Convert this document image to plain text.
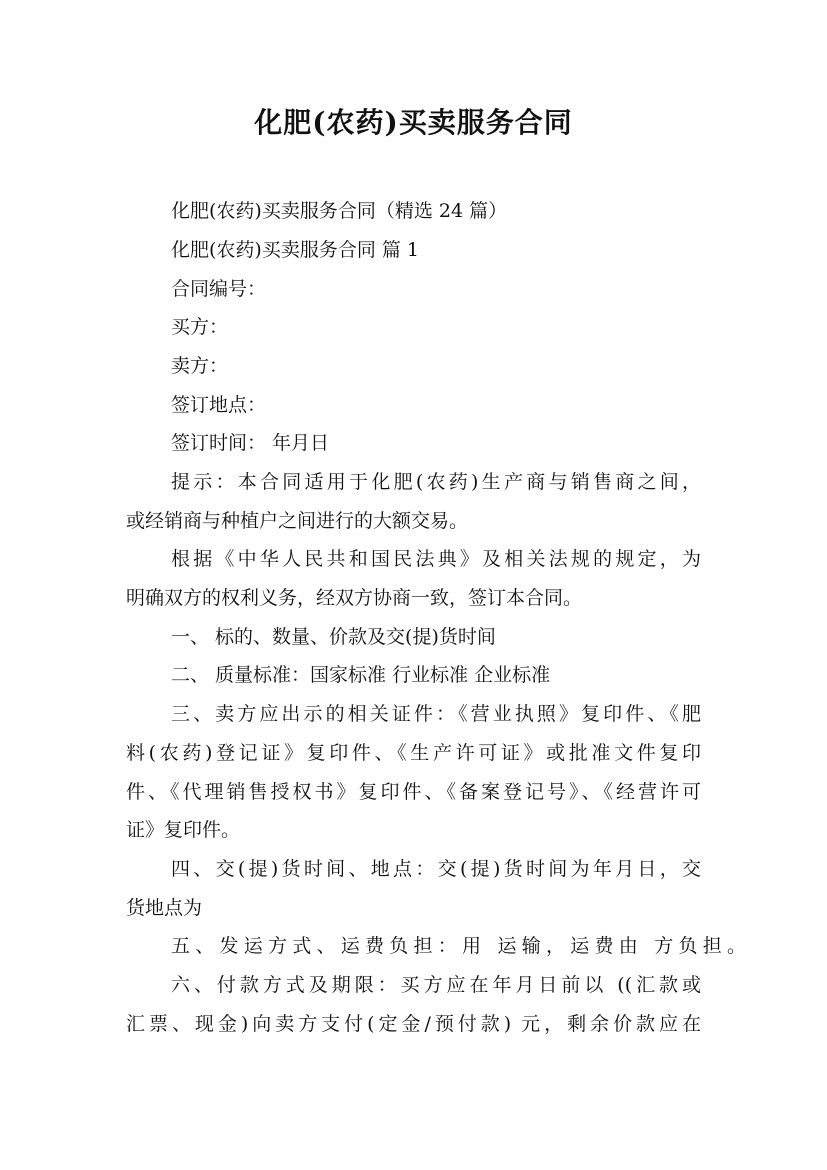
化肥(农药)买卖服务合同
化肥(农药)买卖服务合同（精选 24 篇）
化肥(农药)买卖服务合同 篇 1
合同编号：
买方：
卖方：
签订地点：
签订时间： 年月日
提示：本合同适用于化肥(农药)生产商与销售商之间，
或经销商与种植户之间进行的大额交易。
根据《中华人民共和国民法典》及相关法规的规定，为
明确双方的权利义务，经双方协商一致，签订本合同。
一、 标的、数量、价款及交(提)货时间
二、 质量标准：国家标准 行业标准 企业标准
三、卖方应出示的相关证件：《营业执照》复印件、《肥
料(农药)登记证》复印件、《生产许可证》或批准文件复印
件、《代理销售授权书》复印件、《备案登记号》、《经营许可
证》复印件。
四、交(提)货时间、地点：交(提)货时间为年月日，交
货地点为
五、发运方式、运费负担：用 运输，运费由 方负担。
六、付款方式及期限：买方应在年月日前以 ((汇款或
汇票、现金)向卖方支付(定金/预付款) 元，剩余价款应在
